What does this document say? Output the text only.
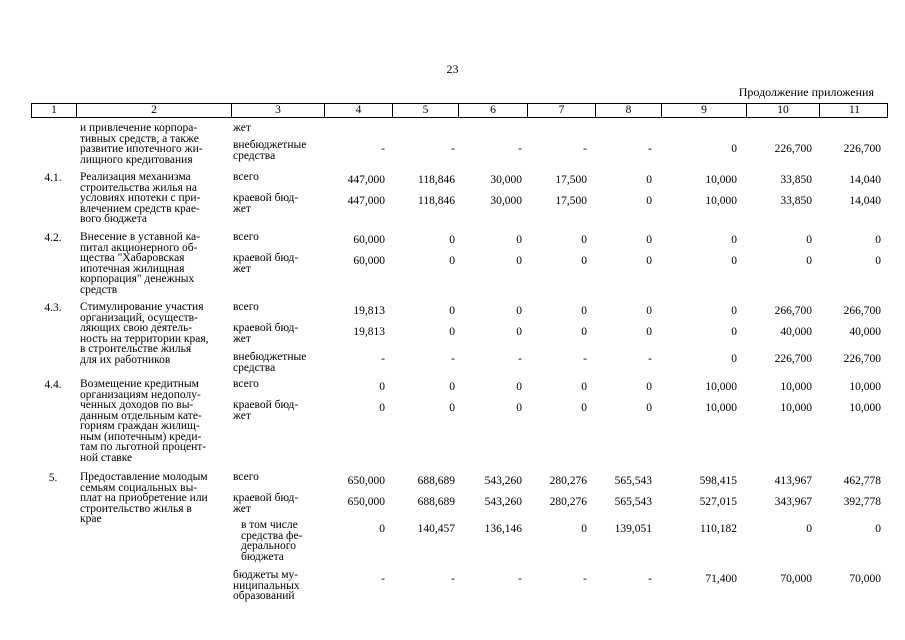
23
Продолжение приложения
1	2	3	4	5	6	7	8	9	10	11
и привлечение корпора-
тивных средств, а также
развитие ипотечного жи-
лищного кредитования
жет
внебюджетные
средства
-	-	-	-	-	0	226,700	226,700
4.1.	Реализация механизма
строительства жилья на
условиях ипотеки с при-
влечением средств крае-
вого бюджета
всего	447,000	118,846	30,000	17,500	0	10,000	33,850	14,040
краевой бюд-
жет
447,000	118,846	30,000	17,500	0	10,000	33,850	14,040
4.2.	Внесение в уставной ка-
питал акционерного об-
щества "Хабаровская
ипотечная жилищная
корпорация" денежных
средств
всего	60,000	0	0	0	0	0	0	0
краевой бюд-
жет
60,000	0	0	0	0	0	0	0
4.3.	Стимулирование участия
организаций, осуществ-
ляющих свою деятель-
ность на территории края,
в строительстве жилья
для их работников
всего	19,813	0	0	0	0	0	266,700	266,700
краевой бюд-
жет
19,813	0	0	0	0	0	40,000	40,000
внебюджетные
средства
-	-	-	-	-	0	226,700	226,700
4.4.	Возмещение кредитным
организациям недополу-
ченных доходов по вы-
данным отдельным кате-
гориям граждан жилищ-
ным (ипотечным) креди-
там по льготной процент-
ной ставке
всего	0	0	0	0	0	10,000	10,000	10,000
краевой бюд-
жет
0	0	0	0	0	10,000	10,000	10,000
5.	Предоставление молодым
семьям социальных вы-
плат на приобретение или
строительство жилья в
крае
всего	650,000	688,689	543,260 280,276 565,543	598,415	413,967	462,778
краевой бюд-
жет
650,000	688,689	543,260 280,276 565,543	527,015	343,967	392,778
в том числе
средства фе-
дерального
бюджета
0	140,457	136,146	0 139,051	110,182	0	0
бюджеты му-
ниципальных
образований
-	-	-	-	-	71,400	70,000	70,000
